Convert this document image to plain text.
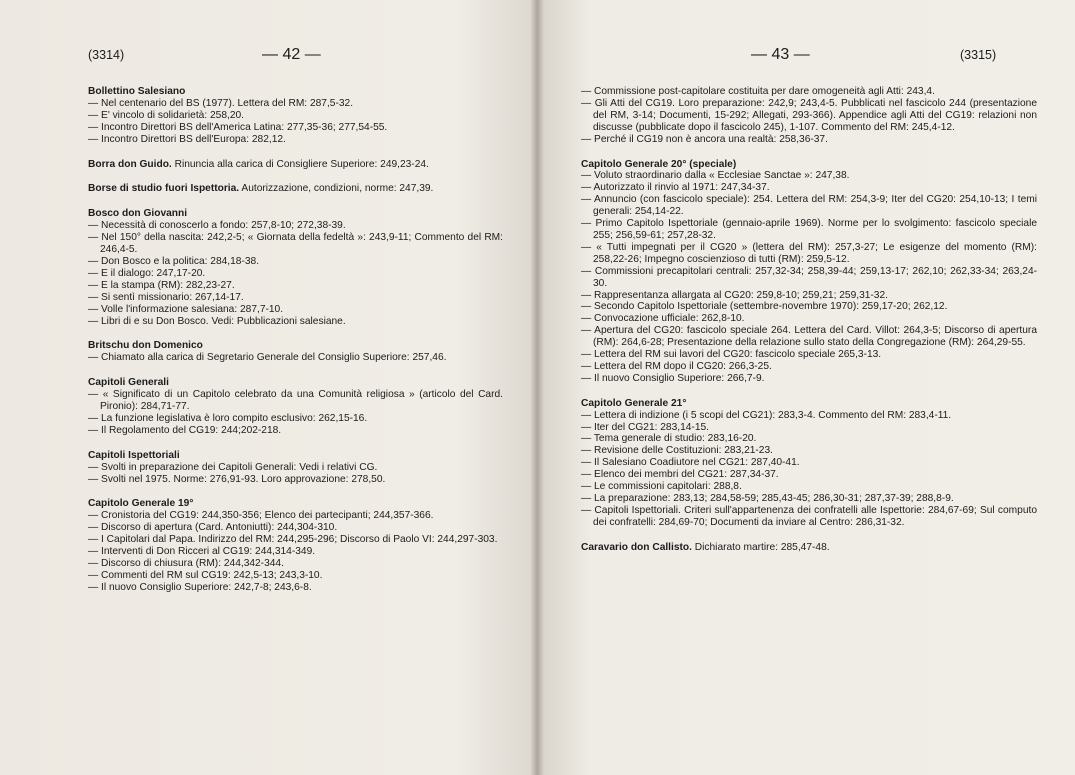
(3314)	— 42 —
Bollettino Salesiano
— Nel centenario del BS (1977). Lettera del RM: 287,5-32.
— E' vincolo di solidarietà: 258,20.
— Incontro Direttori BS dell'America Latina: 277,35-36; 277,54-55.
— Incontro Direttori BS dell'Europa: 282,12.
Borra don Guido. Rinuncia alla carica di Consigliere Superiore: 249,23-24.
Borse di studio fuori Ispettoria. Autorizzazione, condizioni, norme: 247,39.
Bosco don Giovanni
— Necessità di conoscerlo a fondo: 257,8-10; 272,38-39.
— Nel 150° della nascita: 242,2-5; « Giornata della fedeltà »: 243,9-11; Commento del RM: 246,4-5.
— Don Bosco e la politica: 284,18-38.
— E il dialogo: 247,17-20.
— E la stampa (RM): 282,23-27.
— Si sentì missionario: 267,14-17.
— Volle l'informazione salesiana: 287,7-10.
— Libri di e su Don Bosco. Vedi: Pubblicazioni salesiane.
Britschu don Domenico
— Chiamato alla carica di Segretario Generale del Consiglio Superiore: 257,46.
Capitoli Generali
— « Significato di un Capitolo celebrato da una Comunità religiosa » (articolo del Card. Pironio): 284,71-77.
— La funzione legislativa è loro compito esclusivo: 262,15-16.
— Il Regolamento del CG19: 244;202-218.
Capitoli Ispettoriali
— Svolti in preparazione dei Capitoli Generali: Vedi i relativi CG.
— Svolti nel 1975. Norme: 276,91-93. Loro approvazione: 278,50.
Capitolo Generale 19°
— Cronistoria del CG19: 244,350-356; Elenco dei partecipanti; 244,357-366.
— Discorso di apertura (Card. Antoniutti): 244,304-310.
— I Capitolari dal Papa. Indirizzo del RM: 244,295-296; Discorso di Paolo VI: 244,297-303.
— Interventi di Don Ricceri al CG19: 244,314-349.
— Discorso di chiusura (RM): 244,342-344.
— Commenti del RM sul CG19: 242,5-13; 243,3-10.
— Il nuovo Consiglio Superiore: 242,7-8; 243,6-8.
— 43 —	(3315)
— Commissione post-capitolare costituita per dare omogeneità agli Atti: 243,4.
— Gli Atti del CG19. Loro preparazione: 242,9; 243,4-5. Pubblicati nel fascicolo 244 (presentazione del RM, 3-14; Documenti, 15-292; Allegati, 293-366). Appendice agli Atti del CG19: relazioni non discusse (pubblicate dopo il fascicolo 245), 1-107. Commento del RM: 245,4-12.
— Perché il CG19 non è ancora una realtà: 258,36-37.
Capitolo Generale 20° (speciale)
— Voluto straordinario dalla « Ecclesiae Sanctae »: 247,38.
— Autorizzato il rinvio al 1971: 247,34-37.
— Annuncio (con fascicolo speciale): 254. Lettera del RM: 254,3-9; Iter del CG20: 254,10-13; I temi generali: 254,14-22.
— Primo Capitolo Ispettoriale (gennaio-aprile 1969). Norme per lo svolgimento: fascicolo speciale 255; 256,59-61; 257,28-32.
— « Tutti impegnati per il CG20 » (lettera del RM): 257,3-27; Le esigenze del momento (RM): 258,22-26; Impegno coscienzioso di tutti (RM): 259,5-12.
— Commissioni precapitolari centrali: 257,32-34; 258,39-44; 259,13-17; 262,10; 262,33-34; 263,24-30.
— Rappresentanza allargata al CG20: 259,8-10; 259,21; 259,31-32.
— Secondo Capitolo Ispettoriale (settembre-novembre 1970): 259,17-20; 262,12.
— Convocazione ufficiale: 262,8-10.
— Apertura del CG20: fascicolo speciale 264. Lettera del Card. Villot: 264,3-5; Discorso di apertura (RM): 264,6-28; Presentazione della relazione sullo stato della Congregazione (RM): 264,29-55.
— Lettera del RM sui lavori del CG20: fascicolo speciale 265,3-13.
— Lettera del RM dopo il CG20: 266,3-25.
— Il nuovo Consiglio Superiore: 266,7-9.
Capitolo Generale 21°
— Lettera di indizione (i 5 scopi del CG21): 283,3-4. Commento del RM: 283,4-11.
— Iter del CG21: 283,14-15.
— Tema generale di studio: 283,16-20.
— Revisione delle Costituzioni: 283,21-23.
— Il Salesiano Coadiutore nel CG21: 287,40-41.
— Elenco dei membri del CG21: 287,34-37.
— Le commissioni capitolari: 288,8.
— La preparazione: 283,13; 284,58-59; 285,43-45; 286,30-31; 287,37-39; 288,8-9.
— Capitoli Ispettoriali. Criteri sull'appartenenza dei confratelli alle Ispettorie: 284,67-69; Sul computo dei confratelli: 284,69-70; Documenti da inviare al Centro: 286,31-32.
Caravario don Callisto. Dichiarato martire: 285,47-48.
